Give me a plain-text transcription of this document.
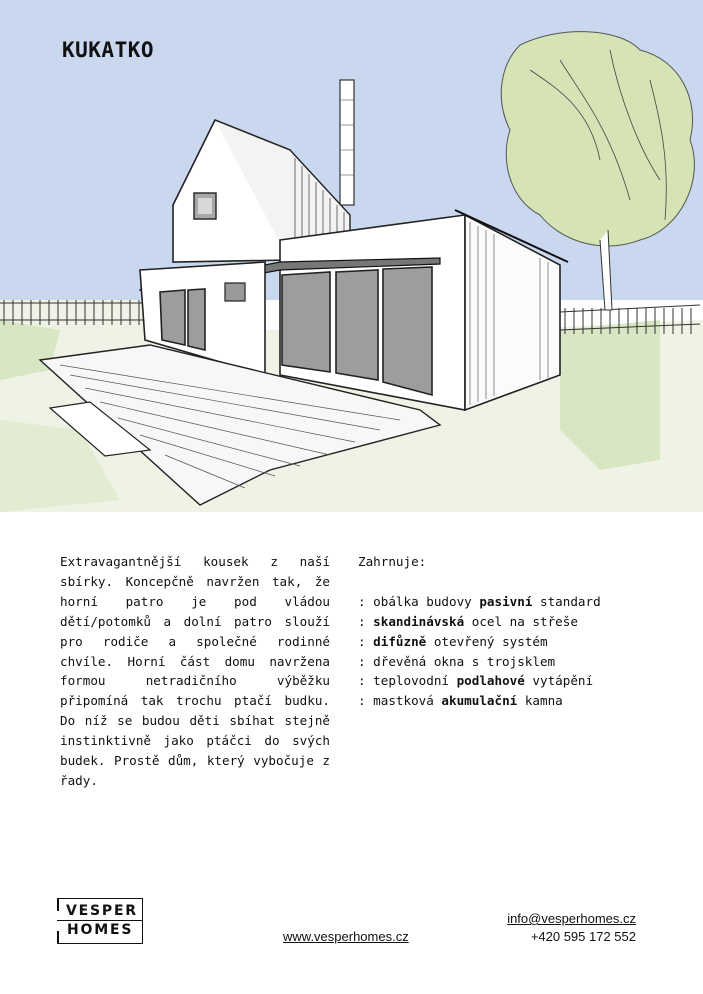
KUKATKO
Extravagantnější kousek z naší sbírky. Koncepčně navržen tak, že horní patro je pod vládou dětí/potomků a dolní patro slouží pro rodiče a společné rodinné chvíle. Horní část domu navržena formou netradičního výběžku připomíná tak trochu ptačí budku. Do níž se budou děti sbíhat stejně instinktivně jako ptáčci do svých budek. Prostě dům, který vybočuje z řady.
Zahrnuje:
: obálka budovy pasivní standard
: skandinávská ocel na střeše
: difůzně otevřený systém
: dřevěná okna s trojsklem
: teplovodní podlahové vytápění
: mastková akumulační kamna
VESPER
HOMES	www.vesperhomes.cz
info@vesperhomes.cz
+420 595 172 552
